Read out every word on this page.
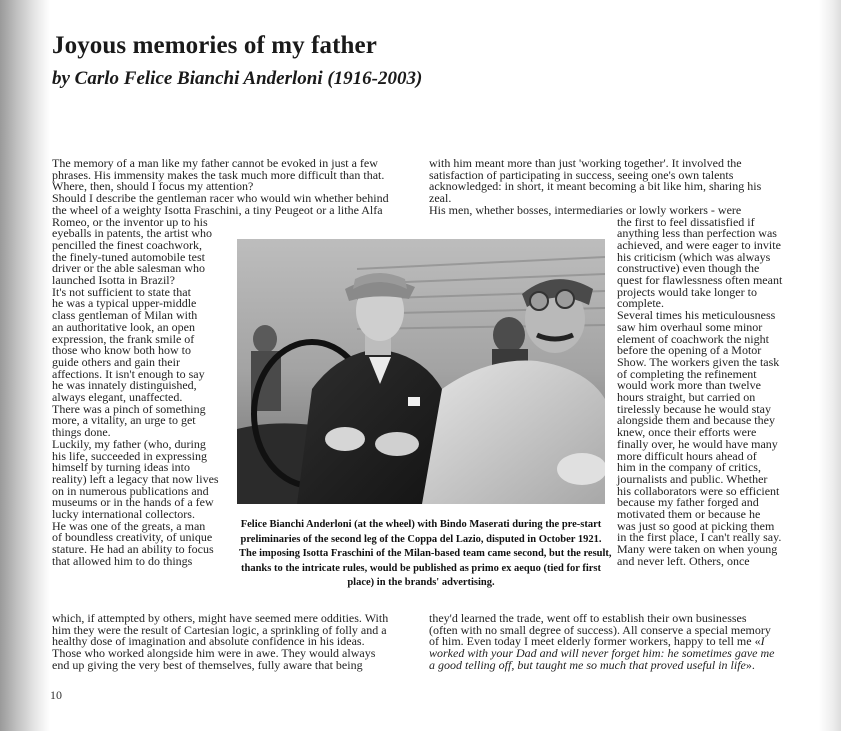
Joyous memories of my father
by Carlo Felice Bianchi Anderloni (1916-2003)
The memory of a man like my father cannot be evoked in just a few
phrases. His immensity makes the task much more difficult than that.
Where, then, should I focus my attention?
Should I describe the gentleman racer who would win whether behind
the wheel of a weighty Isotta Fraschini, a tiny Peugeot or a lithe Alfa
Romeo, or the inventor up to his
eyeballs in patents, the artist who
pencilled the finest coachwork,
the finely-tuned automobile test
driver or the able salesman who
launched Isotta in Brazil?
It's not sufficient to state that
he was a typical upper-middle
class gentleman of Milan with
an authoritative look, an open
expression, the frank smile of
those who know both how to
guide others and gain their
affections. It isn't enough to say
he was innately distinguished,
always elegant, unaffected.
There was a pinch of something
more, a vitality, an urge to get
things done.
Luckily, my father (who, during
his life, succeeded in expressing
himself by turning ideas into
reality) left a legacy that now lives
on in numerous publications and
museums or in the hands of a few
lucky international collectors.
He was one of the greats, a man
of boundless creativity, of unique
stature. He had an ability to focus
that allowed him to do things
which, if attempted by others, might have seemed mere oddities. With
him they were the result of Cartesian logic, a sprinkling of folly and a
healthy dose of imagination and absolute confidence in his ideas.
Those who worked alongside him were in awe. They would always
end up giving the very best of themselves, fully aware that being
with him meant more than just 'working together'. It involved the
satisfaction of participating in success, seeing one's own talents
acknowledged: in short, it meant becoming a bit like him, sharing his
zeal.
His men, whether bosses, intermediaries or lowly workers - were
the first to feel dissatisfied if
anything less than perfection was
achieved, and were eager to invite
his criticism (which was always
constructive) even though the
quest for flawlessness often meant
projects would take longer to
complete.
Several times his meticulousness
saw him overhaul some minor
element of coachwork the night
before the opening of a Motor
Show. The workers given the task
of completing the refinement
would work more than twelve
hours straight, but carried on
tirelessly because he would stay
alongside them and because they
knew, once their efforts were
finally over, he would have many
more difficult hours ahead of
him in the company of critics,
journalists and public. Whether
his collaborators were so efficient
because my father forged and
motivated them or because he
was just so good at picking them
in the first place, I can't really say.
Many were taken on when young
and never left. Others, once
they'd learned the trade, went off to establish their own businesses
(often with no small degree of success). All conserve a special memory
of him. Even today I meet elderly former workers, happy to tell me «I
worked with your Dad and will never forget him: he sometimes gave me
a good telling off, but taught me so much that proved useful in life».
Felice Bianchi Anderloni (at the wheel) with Bindo Maserati during the pre-start
preliminaries of the second leg of the Coppa del Lazio, disputed in October 1921.
The imposing Isotta Fraschini of the Milan-based team came second, but the result,
thanks to the intricate rules, would be published as primo ex aequo (tied for first
place) in the brands' advertising.
10
